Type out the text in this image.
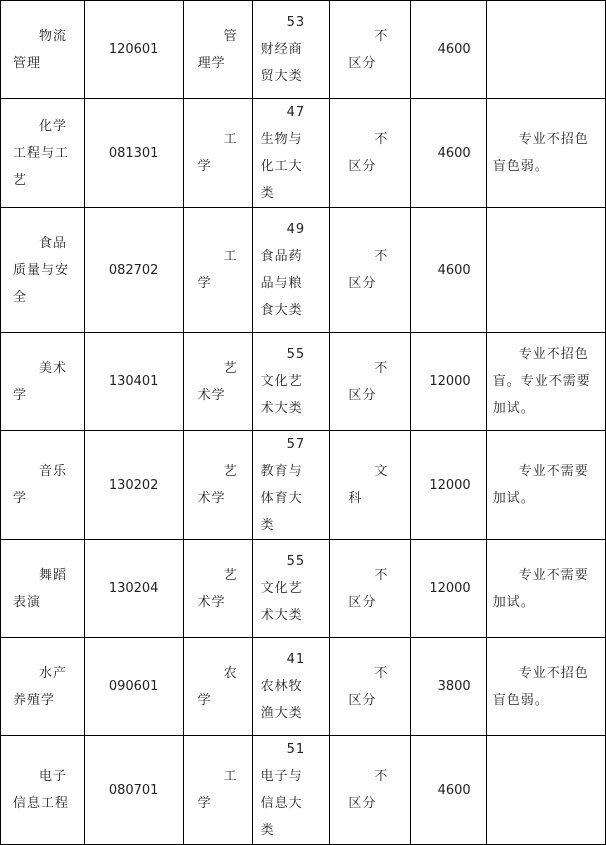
物流管理	120601	管理学	53财经商贸大类	不区分	4600	

化学工程与工艺	081301	工学	47生物与化工大类	不区分	4600	专业不招色盲色弱。

食品质量与安全	082702	工学	49食品药品与粮食大类	不区分	4600	

美术学	130401	艺术学	55文化艺术大类	不区分	12000	专业不招色盲。专业不需要加试。

音乐学	130202	艺术学	57教育与体育大类	文科	12000	专业不需要加试。

舞蹈表演	130204	艺术学	55文化艺术大类	不区分	12000	专业不需要加试。

水产养殖学	090601	农学	41农林牧渔大类	不区分	3800	专业不招色盲色弱。

电子信息工程	080701	工学	51电子与信息大类	不区分	4600	
